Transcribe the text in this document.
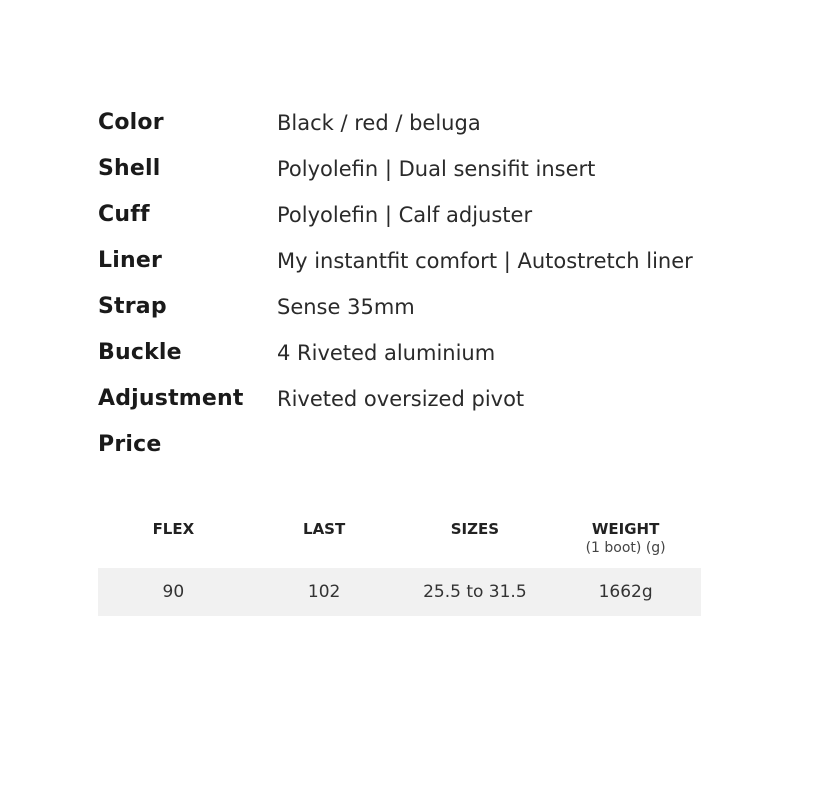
Color	Black / red / beluga
Shell	Polyolefin | Dual sensifit insert
Cuff	Polyolefin | Calf adjuster
Liner	My instantfit comfort | Autostretch liner
Strap	Sense 35mm
Buckle	4 Riveted aluminium
Adjustment	Riveted oversized pivot
Price
FLEX	LAST	SIZES	WEIGHT
(1 boot) (g)

90	102	25.5 to 31.5	1662g
